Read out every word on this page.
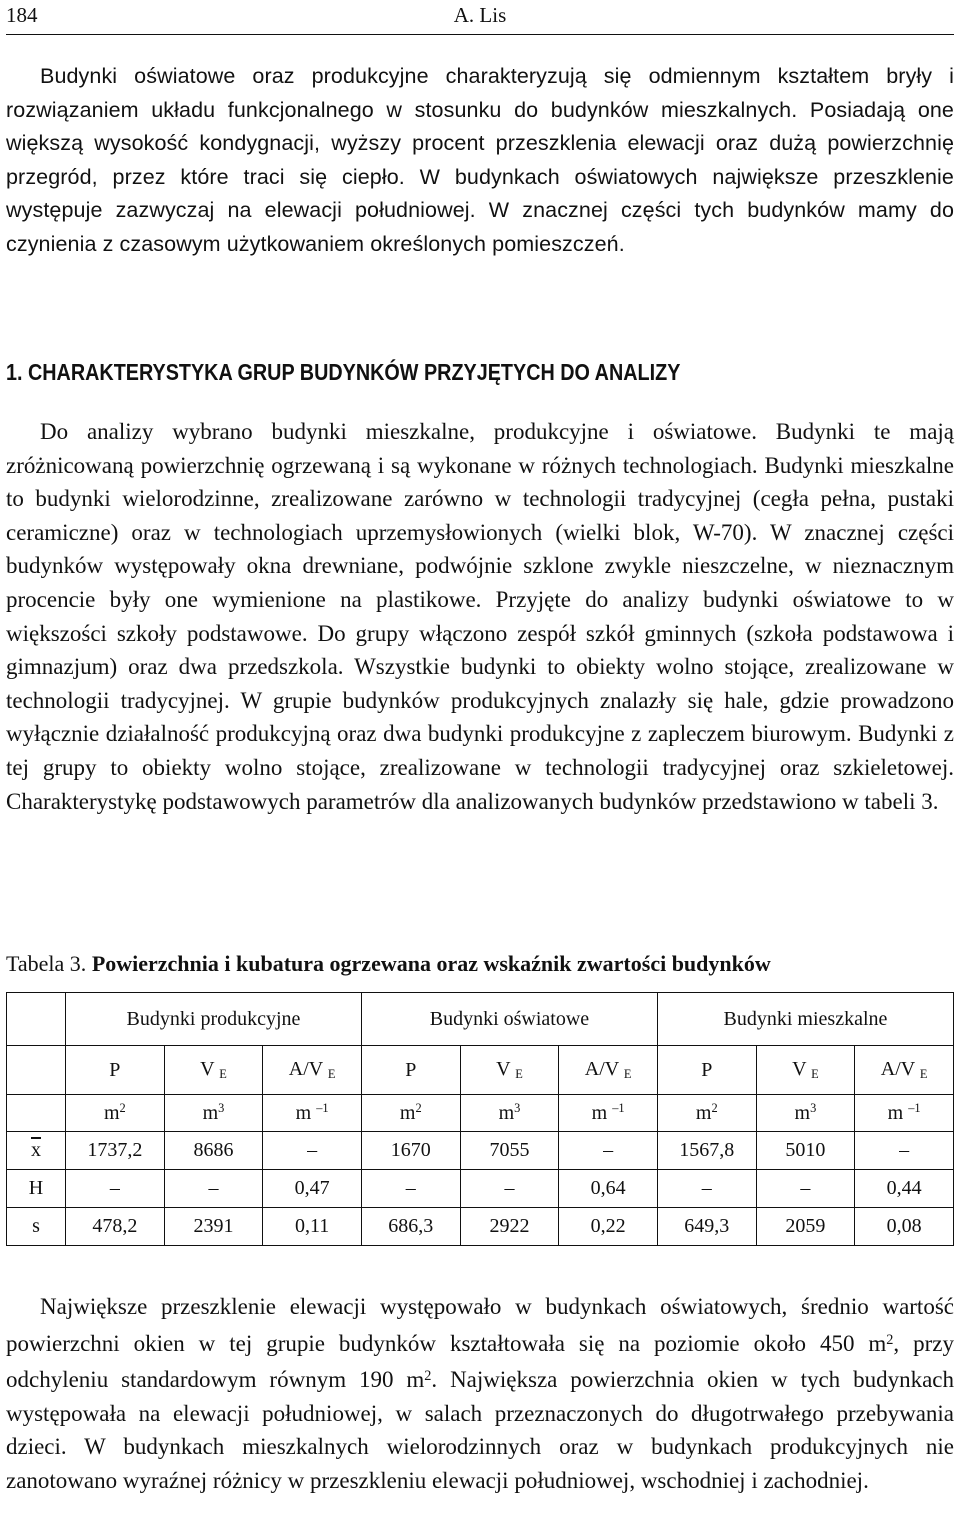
184	A. Lis

Budynki oświatowe oraz produkcyjne charakteryzują się odmiennym kształtem bryły i rozwiązaniem układu funkcjonalnego w stosunku do budynków mieszkalnych. Posiadają one większą wysokość kondygnacji, wyższy procent przeszklenia elewacji oraz dużą powierzchnię przegród, przez które traci się ciepło. W budynkach oświatowych największe przeszklenie występuje zazwyczaj na elewacji południowej. W znacznej części tych budynków mamy do czynienia z czasowym użytkowaniem określonych pomieszczeń.

1. CHARAKTERYSTYKA GRUP BUDYNKÓW PRZYJĘTYCH DO ANALIZY

Do analizy wybrano budynki mieszkalne, produkcyjne i oświatowe. Budynki te mają zróżnicowaną powierzchnię ogrzewaną i są wykonane w różnych technologiach. Budynki mieszkalne to budynki wielorodzinne, zrealizowane zarówno w technologii tradycyjnej (cegła pełna, pustaki ceramiczne) oraz w technologiach uprzemysłowionych (wielki blok, W-70). W znacznej części budynków występowały okna drewniane, podwójnie szklone zwykle nieszczelne, w nieznacznym procencie były one wymienione na plastikowe. Przyjęte do analizy budynki oświatowe to w większości szkoły podstawowe. Do grupy włączono zespół szkół gminnych (szkoła podstawowa i gimnazjum) oraz dwa przedszkola. Wszystkie budynki to obiekty wolno stojące, zrealizowane w technologii tradycyjnej. W grupie budynków produkcyjnych znalazły się hale, gdzie prowadzono wyłącznie działalność produkcyjną oraz dwa budynki produkcyjne z zapleczem biurowym. Budynki z tej grupy to obiekty wolno stojące, zrealizowane w technologii tradycyjnej oraz szkieletowej. Charakterystykę podstawowych parametrów dla analizowanych budynków przedstawiono w tabeli 3.

Tabela 3. Powierzchnia i kubatura ogrzewana oraz wskaźnik zwartości budynków
	Budynki produkcyjne			Budynki oświatowe			Budynki mieszkalne		
	P	V $_E$	A/V $_E$	P	V $_E$	A/V $_E$	P	V $_E$	A/V $_E$
	$m^2$	$m^3$	m $^{-1}$	$m^2$	$m^3$	m $^{-1}$	$m^2$	$m^3$	m $^{-1}$
$\overline{x}$	1737,2	8686	–	1670	7055	–	1567,8	5010	–
H	–	–	0,47	–	–	0,64	–	–	0,44
s	478,2	2391	0,11	686,3	2922	0,22	649,3	2059	0,08

Największe przeszklenie elewacji występowało w budynkach oświatowych, średnio wartość powierzchni okien w tej grupie budynków kształtowała się na poziomie około 450 $m^2$, przy odchyleniu standardowym równym 190 $m^2$. Największa powierzchnia okien w tych budynkach występowała na elewacji południowej, w salach przeznaczonych do długotrwałego przebywania dzieci. W budynkach mieszkalnych wielorodzinnych oraz w budynkach produkcyjnych nie zanotowano wyraźnej różnicy w przeszkleniu elewacji południowej, wschodniej i zachodniej.
